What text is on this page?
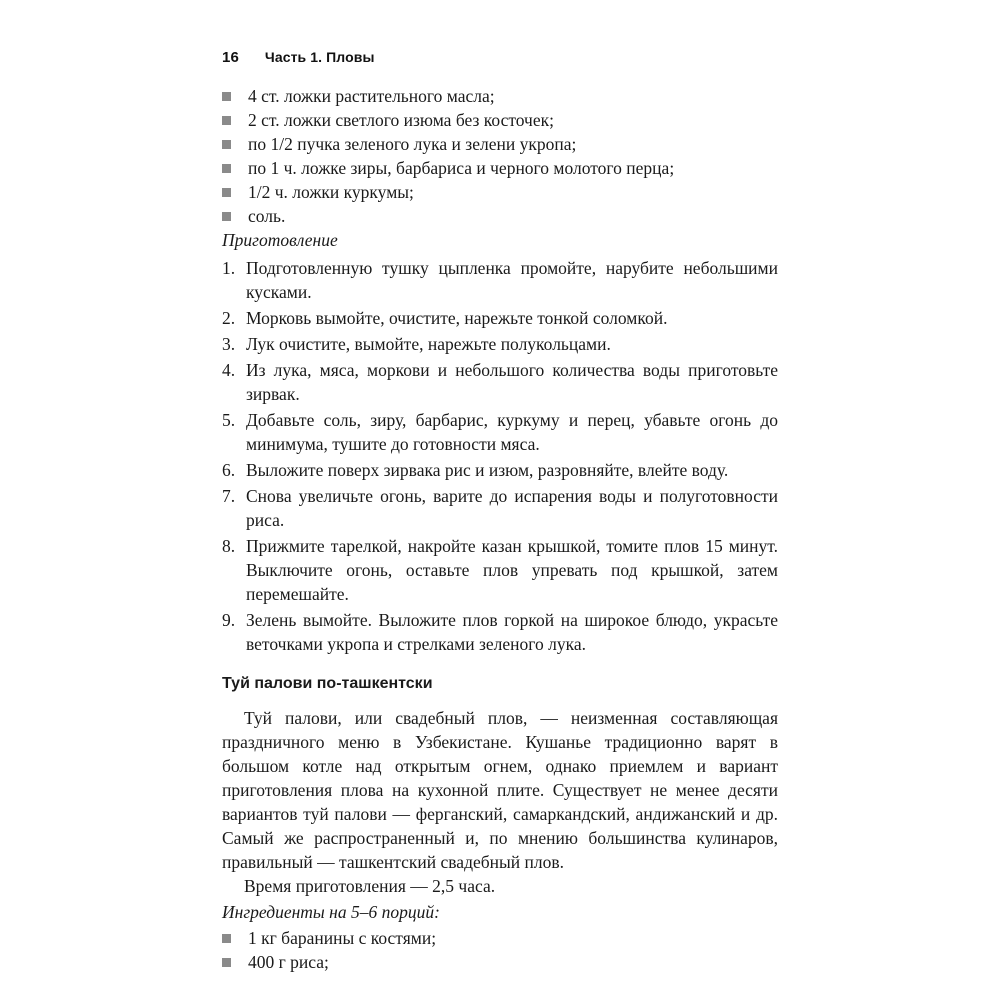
16 Часть 1. Пловы
4 ст. ложки растительного масла;
2 ст. ложки светлого изюма без косточек;
по 1/2 пучка зеленого лука и зелени укропа;
по 1 ч. ложке зиры, барбариса и черного молотого перца;
1/2 ч. ложки куркумы;
соль.

Приготовление

1. Подготовленную тушку цыпленка промойте, нарубите небольшими кусками.
2. Морковь вымойте, очистите, нарежьте тонкой соломкой.
3. Лук очистите, вымойте, нарежьте полукольцами.
4. Из лука, мяса, моркови и небольшого количества воды приготовьте зирвак.
5. Добавьте соль, зиру, барбарис, куркуму и перец, убавьте огонь до минимума, тушите до готовности мяса.
6. Выложите поверх зирвака рис и изюм, разровняйте, влейте воду.
7. Снова увеличьте огонь, варите до испарения воды и полуготовности риса.
8. Прижмите тарелкой, накройте казан крышкой, томите плов 15 минут. Выключите огонь, оставьте плов упревать под крышкой, затем перемешайте.
9. Зелень вымойте. Выложите плов горкой на широкое блюдо, украсьте веточками укропа и стрелками зеленого лука.
Туй палови по-ташкентски

Туй палови, или свадебный плов, — неизменная составляющая праздничного меню в Узбекистане. Кушанье традиционно варят в большом котле над открытым огнем, однако приемлем и вариант приготовления плова на кухонной плите. Существует не менее десяти вариантов туй палови — ферганский, самаркандский, андижанский и др. Самый же распространенный и, по мнению большинства кулинаров, правильный — ташкентский свадебный плов.

Время приготовления — 2,5 часа.

Ингредиенты на 5–6 порций:

1 кг баранины с костями;
400 г риса;
